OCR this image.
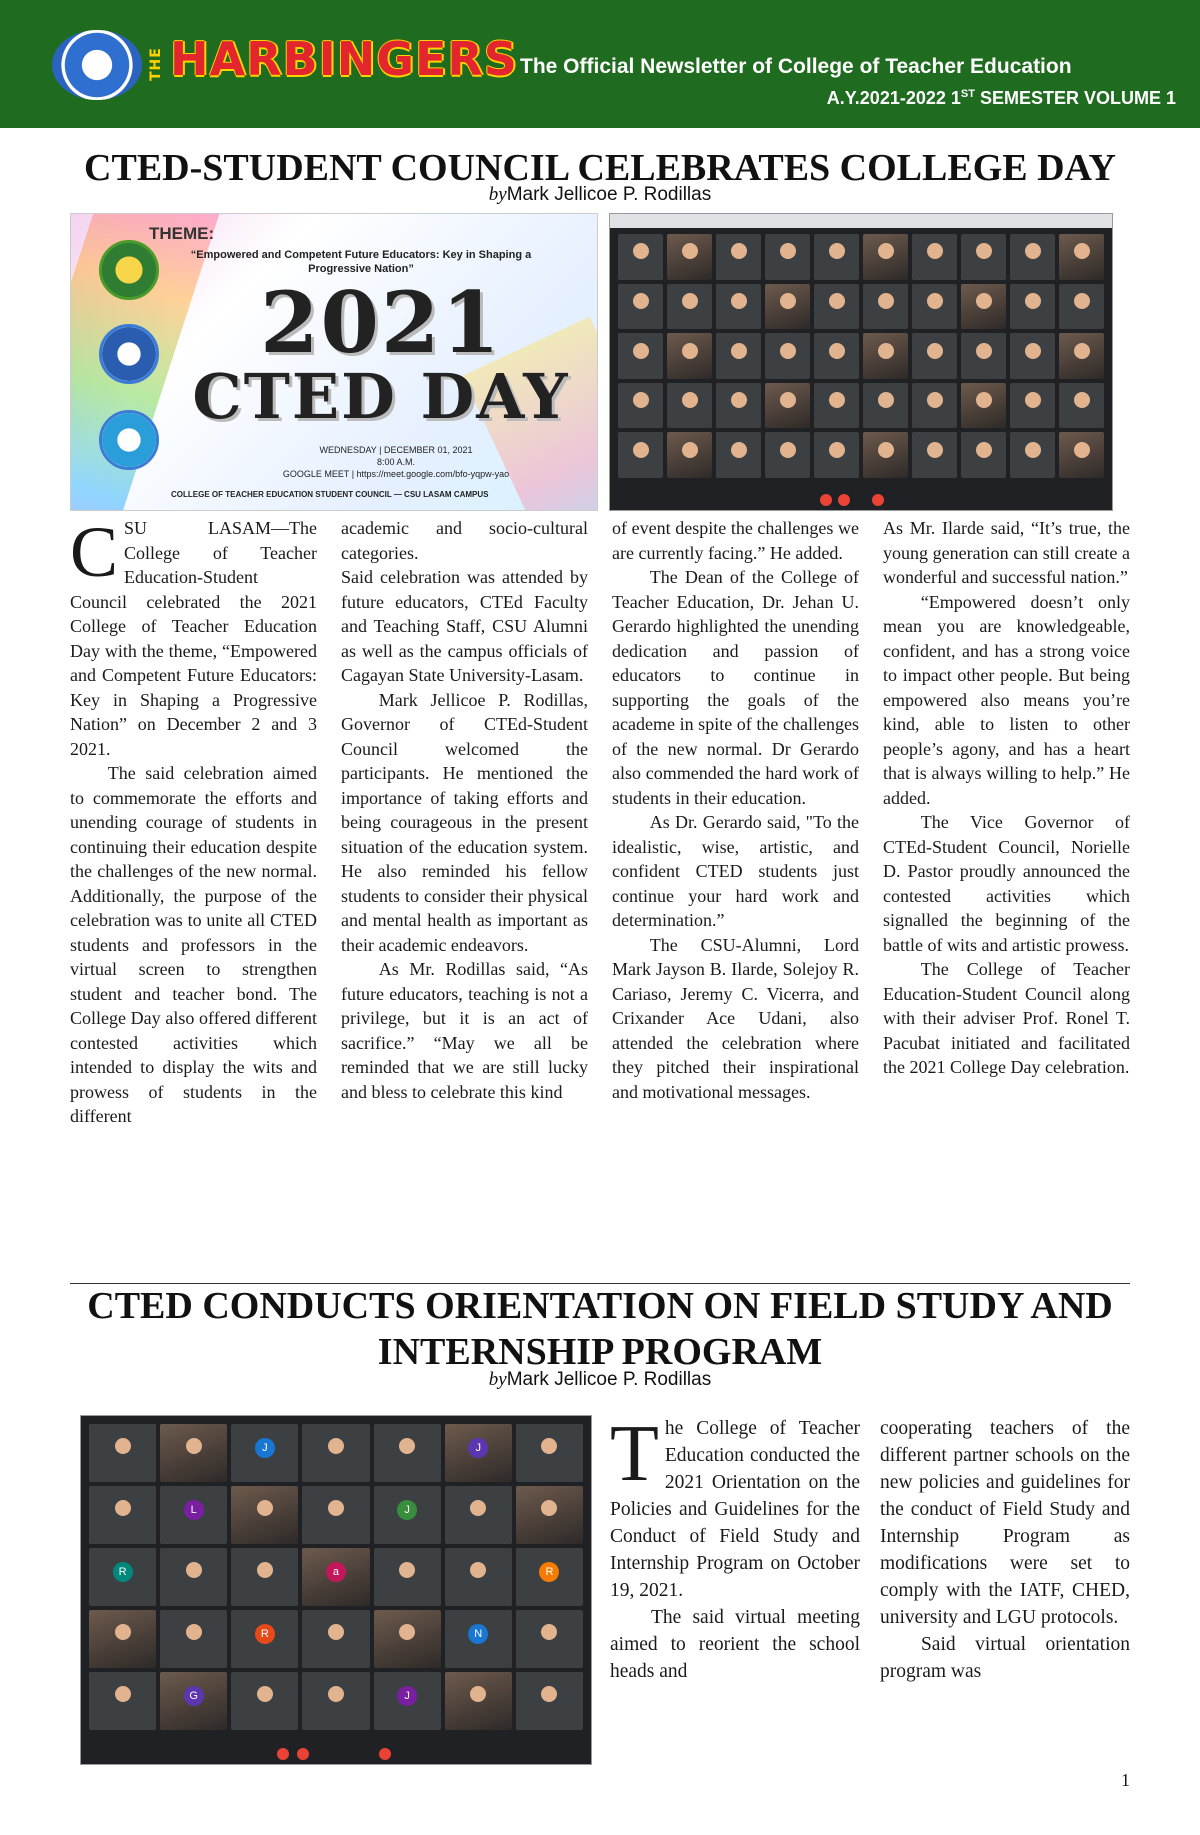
THE HARBINGERS The Official Newsletter of College of Teacher Education
A.Y.2021-2022 1ST SEMESTER VOLUME 1
CTED-STUDENT COUNCIL CELEBRATES COLLEGE DAY
byMark Jellicoe P. Rodillas
THEME:
“Empowered and Competent Future Educators: Key in Shaping a Progressive Nation”
2021
CTED DAY
WEDNESDAY | DECEMBER 01, 2021
8:00 A.M.
GOOGLE MEET | https://meet.google.com/bfo-yqpw-yao
COLLEGE OF TEACHER EDUCATION STUDENT COUNCIL — CSU LASAM CAMPUS
C SU LASAM—The College of Teacher Education-Student Council celebrated the 2021 College of Teacher Education Day with the theme, “Empowered and Competent Future Educators: Key in Shaping a Progressive Nation” on December 2 and 3 2021.

The said celebration aimed to commemorate the efforts and unending courage of students in continuing their education despite the challenges of the new normal. Additionally, the purpose of the celebration was to unite all CTED students and professors in the virtual screen to strengthen student and teacher bond. The College Day also offered different contested activities which intended to display the wits and prowess of students in the different

academic and socio-cultural categories.

Said celebration was attended by future educators, CTEd Faculty and Teaching Staff, CSU Alumni as well as the campus officials of Cagayan State University-Lasam.

Mark Jellicoe P. Rodillas, Governor of CTEd-Student Council welcomed the participants. He mentioned the importance of taking efforts and being courageous in the present situation of the education system. He also reminded his fellow students to consider their physical and mental health as important as their academic endeavors.

As Mr. Rodillas said, “As future educators, teaching is not a privilege, but it is an act of sacrifice.” “May we all be reminded that we are still lucky and bless to celebrate this kind

of event despite the challenges we are currently facing.” He added.

The Dean of the College of Teacher Education, Dr. Jehan U. Gerardo highlighted the unending dedication and passion of educators to continue in supporting the goals of the academe in spite of the challenges of the new normal. Dr Gerardo also commended the hard work of students in their education.

As Dr. Gerardo said, "To the idealistic, wise, artistic, and confident CTED students just continue your hard work and determination.”

The CSU-Alumni, Lord Mark Jayson B. Ilarde, Solejoy R. Cariaso, Jeremy C. Vicerra, and Crixander Ace Udani, also attended the celebration where they pitched their inspirational and motivational messages.

As Mr. Ilarde said, “It’s true, the young generation can still create a wonderful and successful nation.”

“Empowered doesn’t only mean you are knowledgeable, confident, and has a strong voice to impact other people. But being empowered also means you’re kind, able to listen to other people’s agony, and has a heart that is always willing to help.” He added.

The Vice Governor of CTEd-Student Council, Norielle D. Pastor proudly announced the contested activities which signalled the beginning of the battle of wits and artistic prowess.

The College of Teacher Education-Student Council along with their adviser Prof. Ronel T. Pacubat initiated and facilitated the 2021 College Day celebration.

CTED CONDUCTS ORIENTATION ON FIELD STUDY AND
INTERNSHIP PROGRAM
byMark Jellicoe P. Rodillas
J	J
L	J
R	a	R
R	N
G	J
T he College of Teacher Education conducted the 2021 Orientation on the Policies and Guidelines for the Conduct of Field Study and Internship Program on October 19, 2021.

The said virtual meeting aimed to reorient the school heads and

cooperating teachers of the different partner schools on the new policies and guidelines for the conduct of Field Study and Internship Program as modifications were set to comply with the IATF, CHED, university and LGU protocols.

Said virtual orientation program was

1
